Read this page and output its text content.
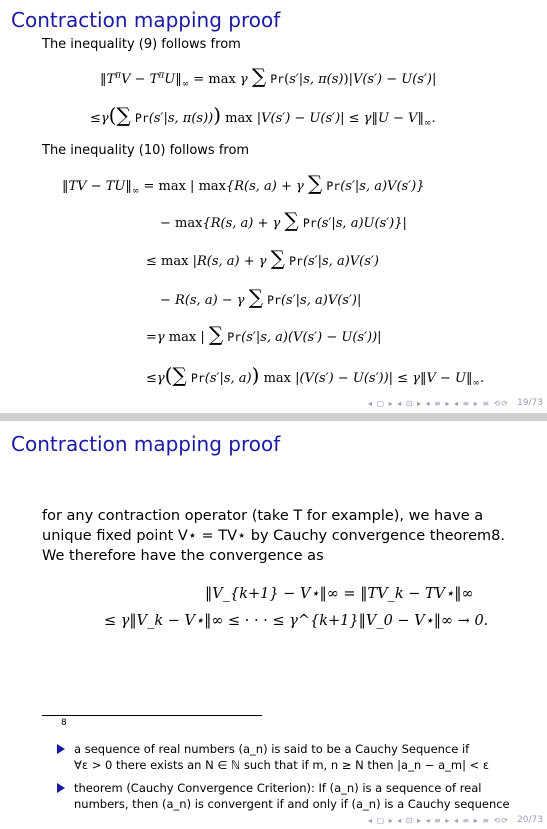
Contraction mapping proof
The inequality (9) follows from
$‖T^\pi V$ − $T^\pi U‖_\infty = \max \gamma$ ∑ Pr(s′|s, π(s))|V(s′) − U(s′)|
≤γ(∑ Pr(s′|s, π(s))) max |V(s′) − U(s′)| ≤ γ‖U − $V‖_\infty$.
The inequality (10) follows from
‖TV − $TU‖_\infty = \max$ | max{R(s, a) + γ ∑ Pr(s′|s, a)V(s′)}
− max{R(s, a) + γ ∑ Pr(s′|s, a)U(s′)}|
≤ max |R(s, a) + γ ∑ Pr(s′|s, a)V(s′)
− R(s, a) − γ ∑ Pr(s′|s, a)V(s′)|
=γ max | ∑ Pr(s′|s, a)(V(s′) − U(s′))|
≤γ(∑ Pr(s′|s, a)) max |(V(s′) − U(s′))| ≤ γ‖V − $U‖_\infty$.
◂ ▢ ▸ ◂ ⊡ ▸ ◂ ≡ ▸ ◂ ≡ ▸ ≡ ⟲⟳ 19/73
Contraction mapping proof
for any contraction operator (take T for example), we have a
unique fixed point V⋆ = TV⋆ by Cauchy convergence theorem8.
We therefore have the convergence as
‖V_{k+1} − V⋆‖∞ = ‖TV_k − TV⋆‖∞
≤ γ‖V_k − V⋆‖∞ ≤ · · · ≤ γ^{k+1}‖V_0 − V⋆‖∞ → 0.
8
a sequence of real numbers (a_n) is said to be a Cauchy Sequence if
∀ε > 0 there exists an N ∈ ℕ such that if m, n ≥ N then |a_n − a_m| < ε
theorem (Cauchy Convergence Criterion): If (a_n) is a sequence of real
numbers, then (a_n) is convergent if and only if (a_n) is a Cauchy sequence
◂ ▢ ▸ ◂ ⊡ ▸ ◂ ≡ ▸ ◂ ≡ ▸ ≡ ⟲⟳ 20/73
